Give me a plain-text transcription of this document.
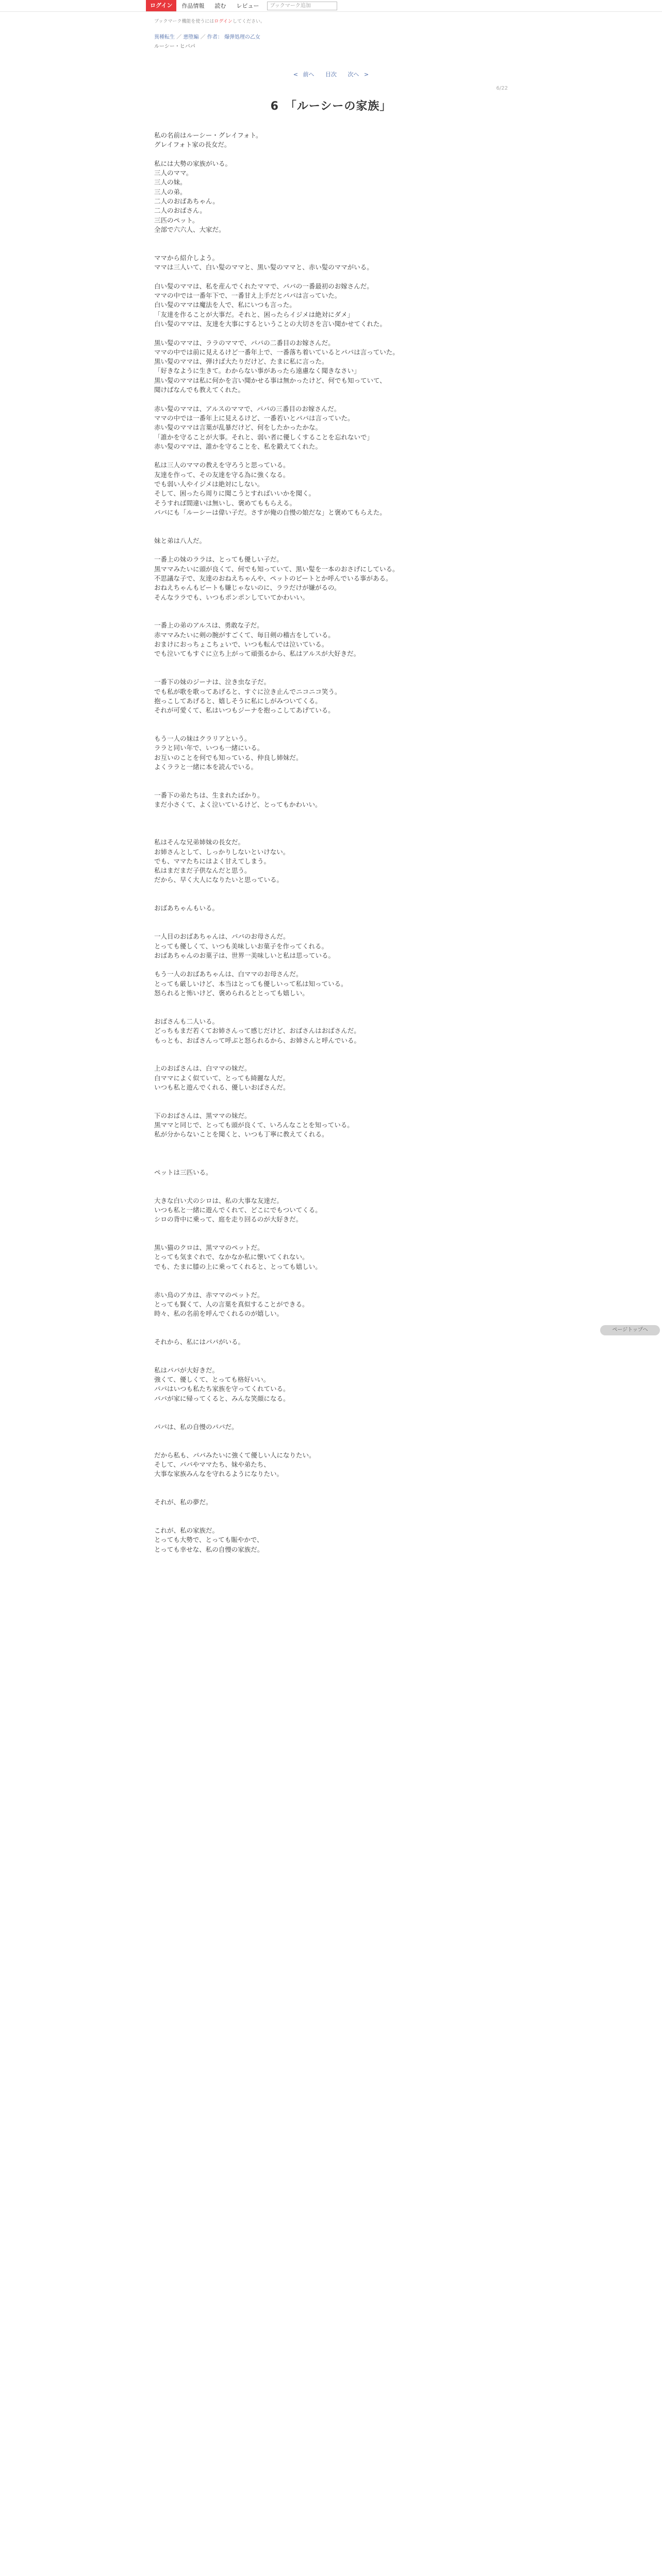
ログイン	作品情報	読む	レビュー	ブックマーク追加
ブックマーク機能を使うにはログインしてください。
異種転生 ／ 悪堕編 ／ 作者： 爆弾処理の乙女
ルーシー・ヒバパ
< 前へ 目次 次へ >
6/22
6　「ルーシーの家族」
私の名前はルーシー・グレイフォト。
グレイフォト家の長女だ。

私には大勢の家族がいる。
三人のママ。
三人の妹。
三人の弟。
二人のおばあちゃん。
二人のおばさん。
三匹のペット。
全部で六六人、大家だ。

ママから紹介しよう。
ママは三人いて、白い髪のママと、黒い髪のママと、赤い髪のママがいる。

白い髪のママは、私を産んでくれたママで、パパの一番最初のお嫁さんだ。
ママの中では一番年下で、一番甘え上手だとパパは言っていた。
白い髪のママは魔法を人で、私にいつも言った。
「友達を作ることが大事だ。それと、困ったらイジメは絶対にダメ」
白い髪のママは、友達を大事にするということの大切さを言い聞かせてくれた。

黒い髪のママは、ララのママで、パパの二番目のお嫁さんだ。
ママの中では前に見えるけど一番年上で、一番落ち着いているとパパは言っていた。
黒い髪のママは、弾けば大たりだけど、たまに私に言った。
「好きなように生きて。わからない事があったら遠慮なく聞きなさい」
黒い髪のママは私に何かを言い聞かせる事は無かったけど、何でも知っていて、
聞けばなんでも教えてくれた。

赤い髪のママは、アルスのママで、パパの三番目のお嫁さんだ。
ママの中では一番年上に見えるけど、一番若いとパパは言っていた。
赤い髪のママは言葉が乱暴だけど、何をしたかったかな。
「誰かを守ることが大事。それと、弱い者に優しくすることを忘れないで」
赤い髪のママは、誰かを守ることを、私を鍛えてくれた。

私は三人のママの教えを守ろうと思っている。
友達を作って、その友達を守る為に強くなる。
でも弱い人やイジメは絶対にしない。
そして、困ったら周りに聞こうとすればいいかを聞く。
そうすれば間違いは無いし、褒めてももらえる。
パパにも「ルーシーは偉い子だ。さすが俺の自慢の娘だな」と褒めてもらえた。

妹と弟は八人だ。

一番上の妹のララは、とっても優しい子だ。
黒ママみたいに頭が良くて、何でも知っていて、黒い髪を一本のおさげにしている。
不思議な子で、友達のおねえちゃんや、ペットのビートとか呼んでいる事がある。
おねえちゃんもビートも嫌じゃないのに、ララだけが嫌がるの。
そんなララでも、いつもポンポンしていてかわいい。

一番上の弟のアルスは、勇敢な子だ。
赤ママみたいに剣の腕がすごくて、毎日剣の稽古をしている。
おまけにおっちょこちょいで、いつも転んでは泣いている。
でも泣いてもすぐに立ち上がって頑張るから、私はアルスが大好きだ。

一番下の妹のジーナは、泣き虫な子だ。
でも私が歌を歌ってあげると、すぐに泣き止んでニコニコ笑う。
抱っこしてあげると、嬉しそうに私にしがみついてくる。
それが可愛くて、私はいつもジーナを抱っこしてあげている。

もう一人の妹はクラリアという。
ララと同い年で、いつも一緒にいる。
お互いのことを何でも知っている、仲良し姉妹だ。
よくララと一緒に本を読んでいる。

一番下の弟たちは、生まれたばかり。
まだ小さくて、よく泣いているけど、とってもかわいい。

私はそんな兄弟姉妹の長女だ。
お姉さんとして、しっかりしないといけない。
でも、ママたちにはよく甘えてしまう。
私はまだまだ子供なんだと思う。
だから、早く大人になりたいと思っている。

おばあちゃんもいる。

一人目のおばあちゃんは、パパのお母さんだ。
とっても優しくて、いつも美味しいお菓子を作ってくれる。
おばあちゃんのお菓子は、世界一美味しいと私は思っている。

もう一人のおばあちゃんは、白ママのお母さんだ。
とっても厳しいけど、本当はとっても優しいって私は知っている。
怒られると怖いけど、褒められるととっても嬉しい。

おばさんも二人いる。
どっちもまだ若くてお姉さんって感じだけど、おばさんはおばさんだ。
もっとも、おばさんって呼ぶと怒られるから、お姉さんと呼んでいる。

上のおばさんは、白ママの妹だ。
白ママによく似ていて、とっても綺麗な人だ。
いつも私と遊んでくれる、優しいおばさんだ。

下のおばさんは、黒ママの妹だ。
黒ママと同じで、とっても頭が良くて、いろんなことを知っている。
私が分からないことを聞くと、いつも丁寧に教えてくれる。

ペットは三匹いる。

大きな白い犬のシロは、私の大事な友達だ。
いつも私と一緒に遊んでくれて、どこにでもついてくる。
シロの背中に乗って、庭を走り回るのが大好きだ。

黒い猫のクロは、黒ママのペットだ。
とっても気まぐれで、なかなか私に懐いてくれない。
でも、たまに膝の上に乗ってくれると、とっても嬉しい。

赤い鳥のアカは、赤ママのペットだ。
とっても賢くて、人の言葉を真似することができる。
時々、私の名前を呼んでくれるのが嬉しい。

それから、私にはパパがいる。

私はパパが大好きだ。
強くて、優しくて、とっても格好いい。
パパはいつも私たち家族を守ってくれている。
パパが家に帰ってくると、みんな笑顔になる。

パパは、私の自慢のパパだ。

だから私も、パパみたいに強くて優しい人になりたい。
そして、パパやママたち、妹や弟たち、
大事な家族みんなを守れるようになりたい。

それが、私の夢だ。

これが、私の家族だ。
とっても大勢で、とっても賑やかで、
とっても幸せな、私の自慢の家族だ。
ページトップへ
